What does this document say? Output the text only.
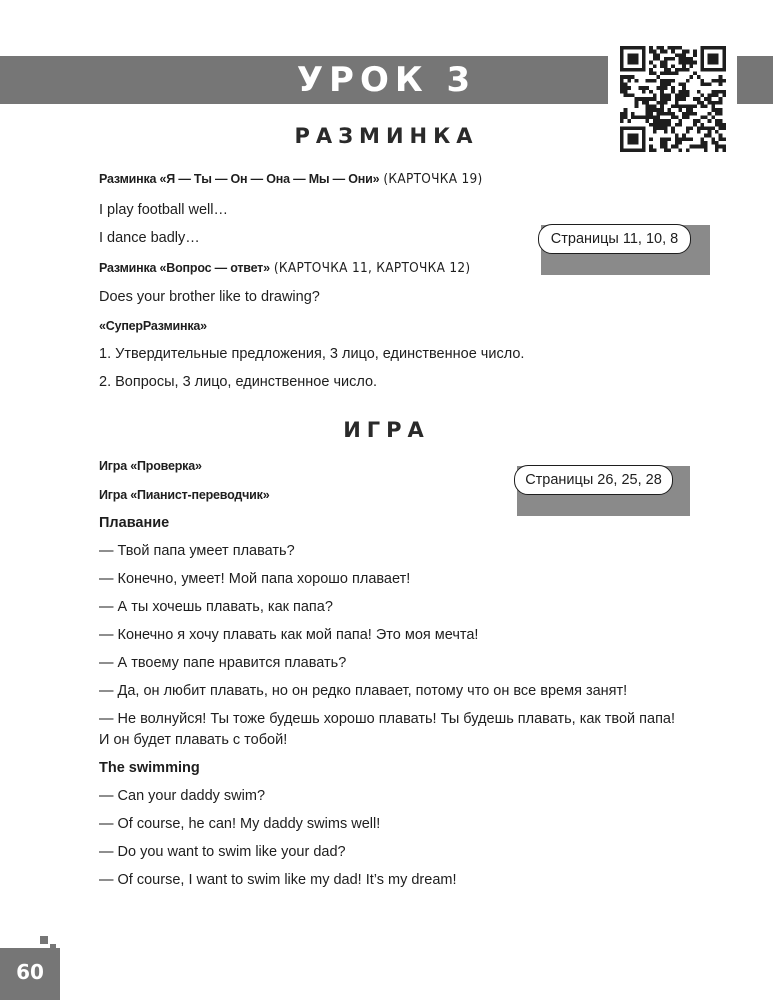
УРОК 3
РАЗМИНКА
Разминка «Я — Ты — Он — Она — Мы — Они» (КАРТОЧКА 19)
I play football well…
I dance badly…	Страницы 11, 10, 8
Разминка «Вопрос — ответ» (КАРТОЧКА 11, КАРТОЧКА 12)
Does your brother like to drawing?
«СуперРазминка»
1. Утвердительные предложения, 3 лицо, единственное число.
2. Вопросы, 3 лицо, единственное число.
ИГРА
Игра «Проверка»
Игра «Пианист-переводчик»
Страницы 26, 25, 28
Плавание
— Твой папа умеет плавать?
— Конечно, умеет! Мой папа хорошо плавает!
— А ты хочешь плавать, как папа?
— Конечно я хочу плавать как мой папа! Это моя мечта!
— А твоему папе нравится плавать?
— Да, он любит плавать, но он редко плавает, потому что он все время занят!
— Не волнуйся! Ты тоже будешь хорошо плавать! Ты будешь плавать, как твой папа!
И он будет плавать с тобой!
The swimming
— Can your daddy swim?
— Of course, he can! My daddy swims well!
— Do you want to swim like your dad?
— Of course, I want to swim like my dad! It’s my dream!
60
